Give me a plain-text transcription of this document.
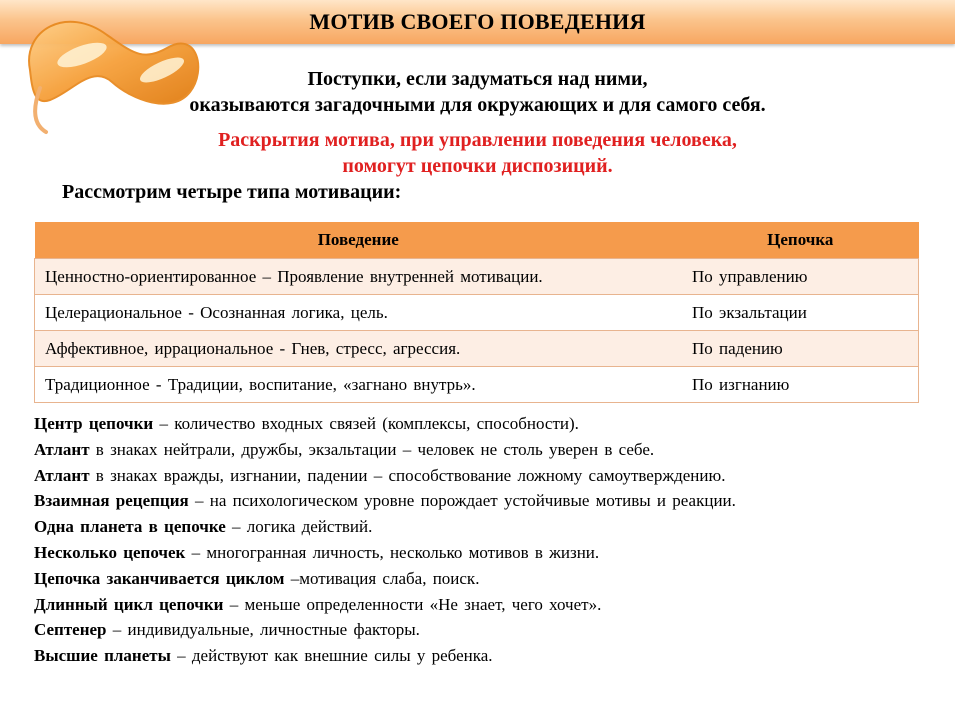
МОТИВ СВОЕГО ПОВЕДЕНИЯ
Поступки, если задуматься над ними,
оказываются загадочными для окружающих и для самого себя.
Раскрытия мотива, при управлении поведения человека,
помогут цепочки диспозиций.
Рассмотрим четыре типа мотивации:
Поведение	Цепочка
Ценностно-ориентированное – Проявление внутренней мотивации.	По управлению
Целерациональное - Осознанная логика, цель.	По экзальтации
Аффективное, иррациональное - Гнев, стресс, агрессия.	По падению
Традиционное - Традиции, воспитание, «загнано внутрь».	По изгнанию
Центр цепочки – количество входных связей (комплексы, способности).
Атлант в знаках нейтрали, дружбы, экзальтации – человек не столь уверен в себе.
Атлант в знаках вражды, изгнании, падении – способствование ложному самоутверждению.
Взаимная рецепция – на психологическом уровне порождает устойчивые мотивы и реакции.
Одна планета в цепочке – логика действий.
Несколько цепочек – многогранная личность, несколько мотивов в жизни.
Цепочка заканчивается циклом –мотивация слаба, поиск.
Длинный цикл цепочки – меньше определенности «Не знает, чего хочет».
Септенер – индивидуальные, личностные факторы.
Высшие планеты – действуют как внешние силы у ребенка.
